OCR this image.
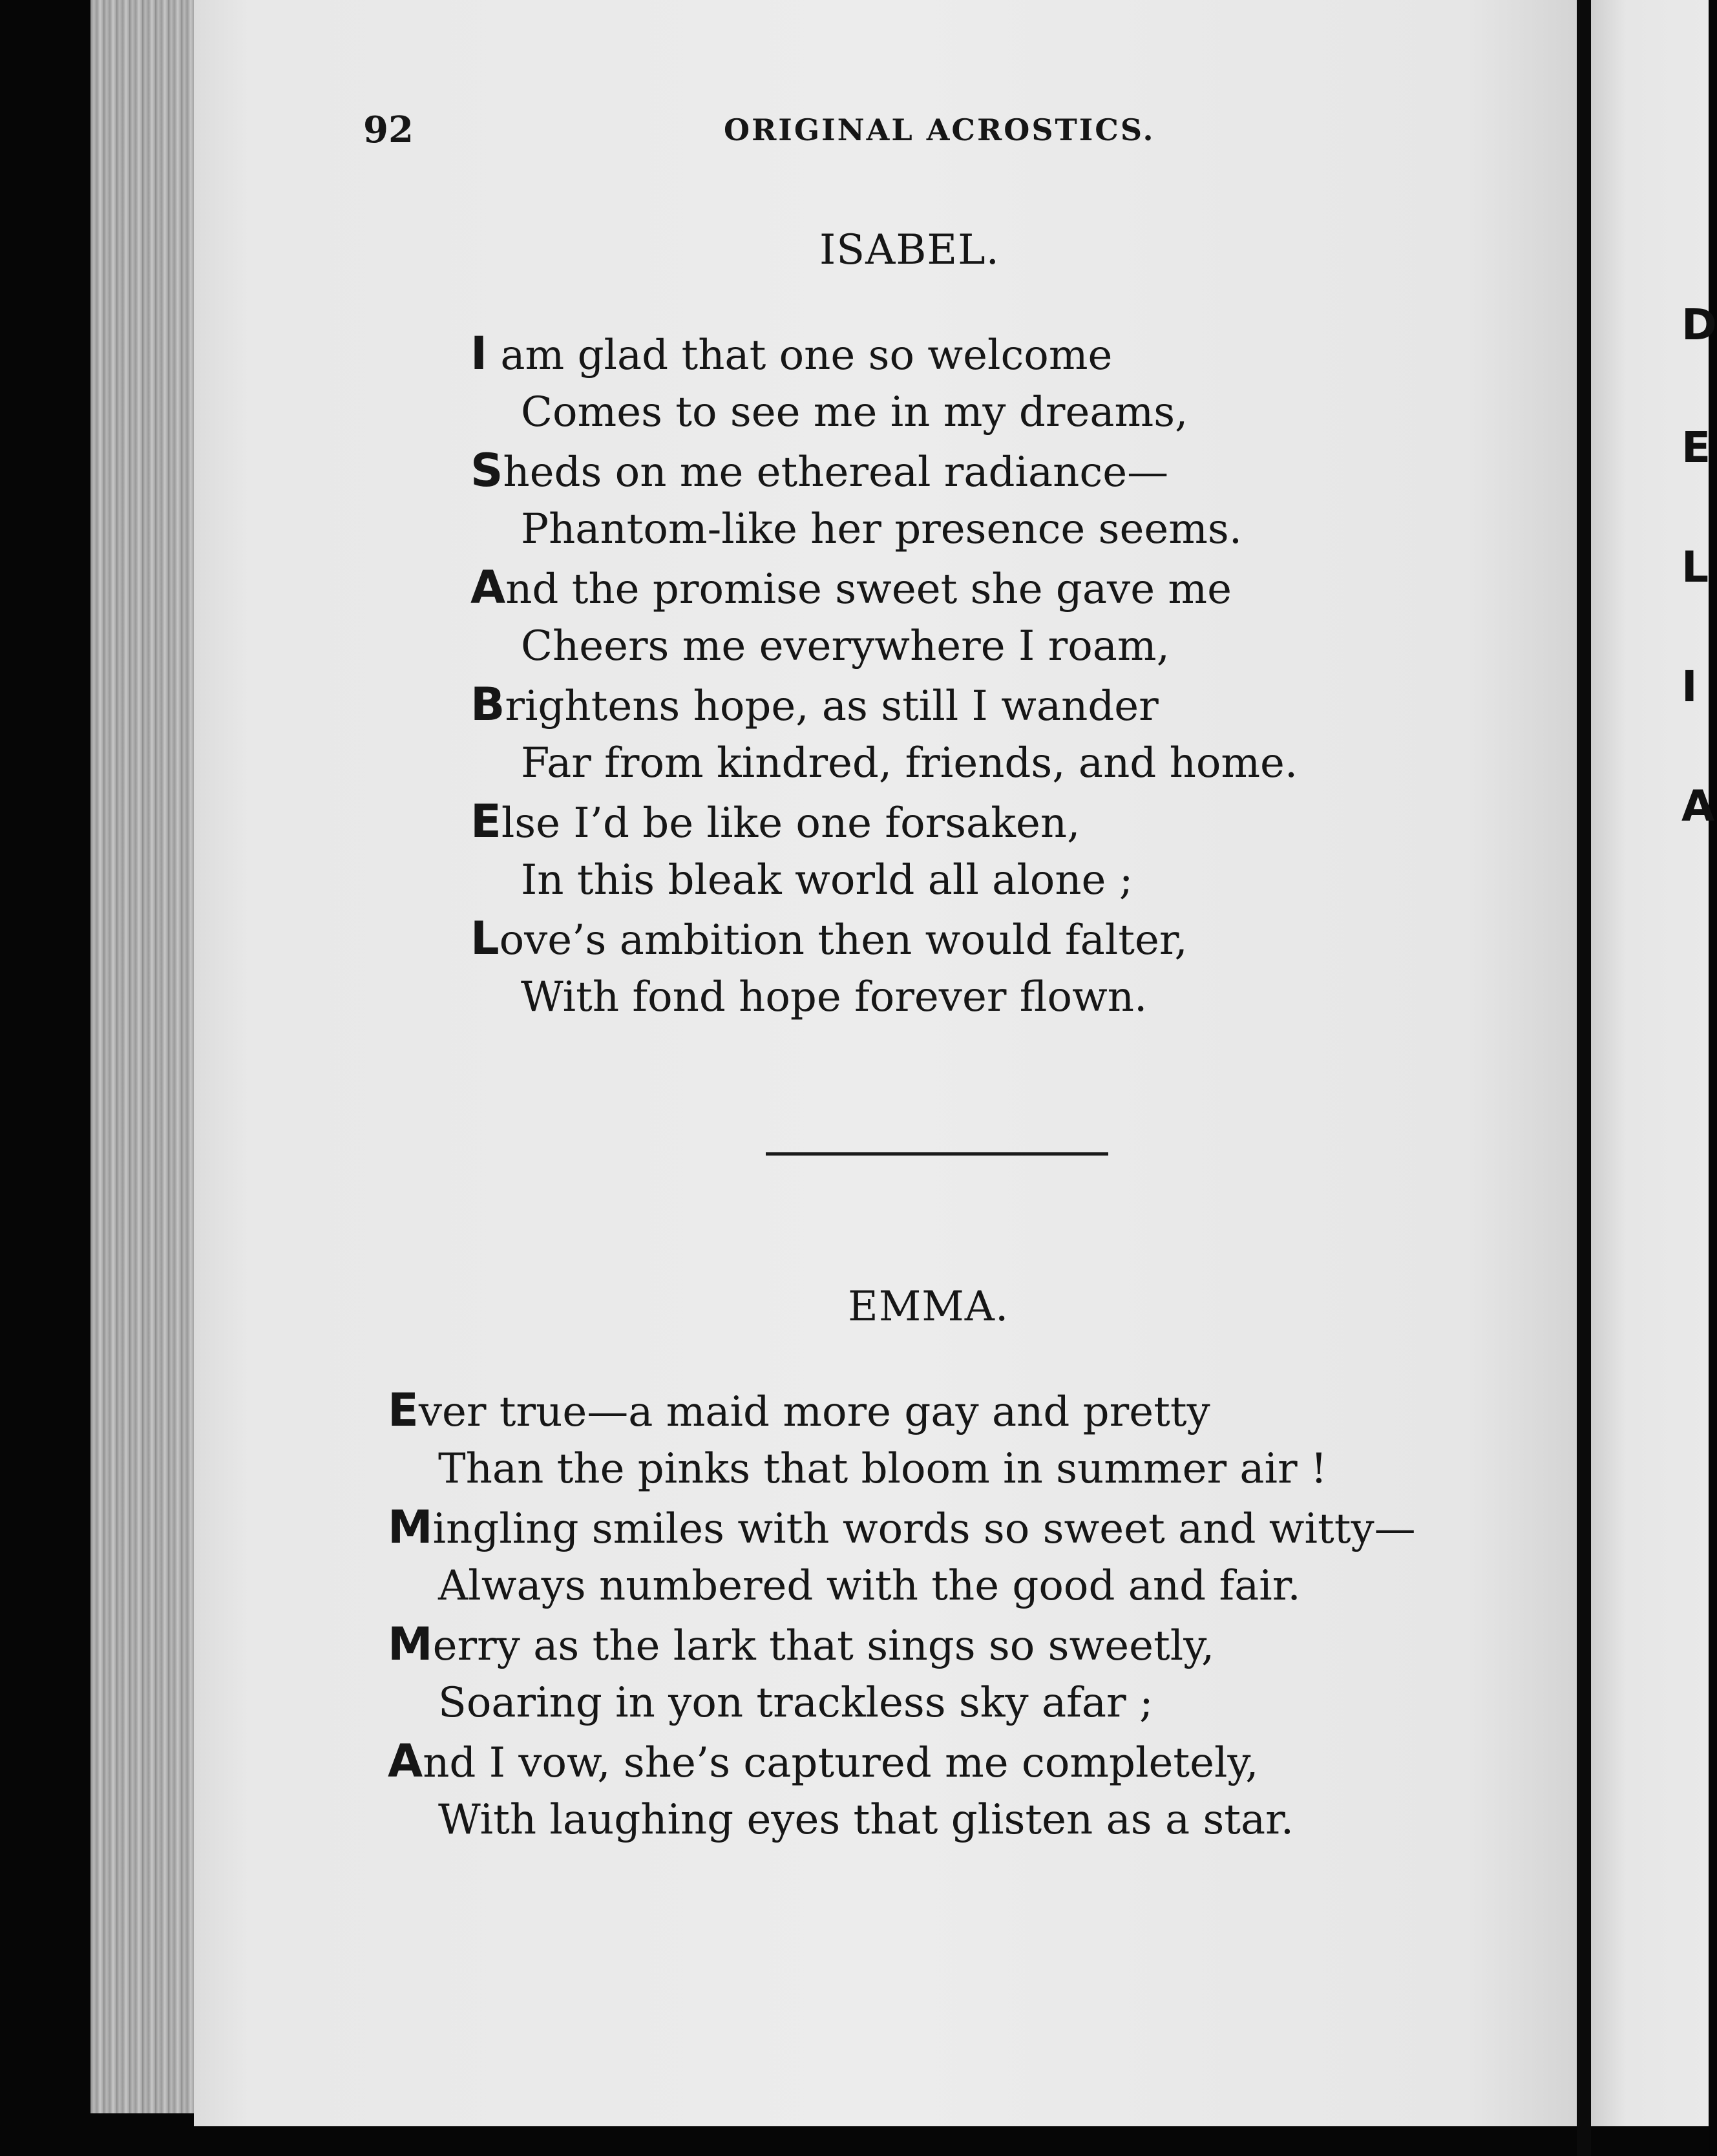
92	ORIGINAL ACROSTICS.
ISABEL.
I am glad that one so welcome
Comes to see me in my dreams,
Sheds on me ethereal radiance—
Phantom-like her presence seems.
And the promise sweet she gave me
Cheers me everywhere I roam,
Brightens hope, as still I wander
Far from kindred, friends, and home.
Else I’d be like one forsaken,
In this bleak world all alone ;
Love’s ambition then would falter,
With fond hope forever flown.
EMMA.
Ever true—a maid more gay and pretty
Than the pinks that bloom in summer air !
Mingling smiles with words so sweet and witty—
Always numbered with the good and fair.
Merry as the lark that sings so sweetly,
Soaring in yon trackless sky afar ;
And I vow, she’s captured me completely,
With laughing eyes that glisten as a star.
D
E
L
I
A
